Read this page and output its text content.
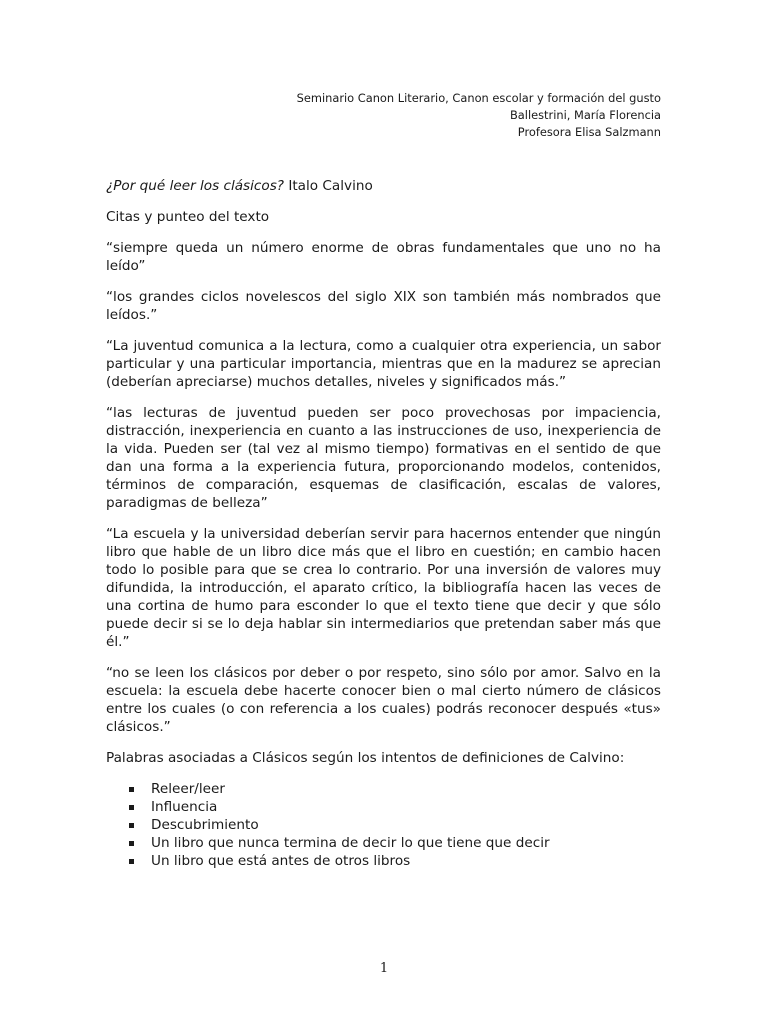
Seminario Canon Literario, Canon escolar y formación del gusto
Ballestrini, María Florencia
Profesora Elisa Salzmann

¿Por qué leer los clásicos? Italo Calvino

Citas y punteo del texto

“siempre queda un número enorme de obras fundamentales que uno no ha leído”

“los grandes ciclos novelescos del siglo XIX son también más nombrados que leídos.”

“La juventud comunica a la lectura, como a cualquier otra experiencia, un sabor particular y una particular importancia, mientras que en la madurez se aprecian (deberían apreciarse) muchos detalles, niveles y significados más.”

“las lecturas de juventud pueden ser poco provechosas por impaciencia, distracción, inexperiencia en cuanto a las instrucciones de uso, inexperiencia de la vida. Pueden ser (tal vez al mismo tiempo) formativas en el sentido de que dan una forma a la experiencia futura, proporcionando modelos, contenidos, términos de comparación, esquemas de clasificación, escalas de valores, paradigmas de belleza”

“La escuela y la universidad deberían servir para hacernos entender que ningún libro que hable de un libro dice más que el libro en cuestión; en cambio hacen todo lo posible para que se crea lo contrario. Por una inversión de valores muy difundida, la introducción, el aparato crítico, la bibliografía hacen las veces de una cortina de humo para esconder lo que el texto tiene que decir y que sólo puede decir si se lo deja hablar sin intermediarios que pretendan saber más que él.”

“no se leen los clásicos por deber o por respeto, sino sólo por amor. Salvo en la escuela: la escuela debe hacerte conocer bien o mal cierto número de clásicos entre los cuales (o con referencia a los cuales) podrás reconocer después «tus» clásicos.”

Palabras asociadas a Clásicos según los intentos de definiciones de Calvino:

Releer/leer
Influencia
Descubrimiento
Un libro que nunca termina de decir lo que tiene que decir
Un libro que está antes de otros libros
1
